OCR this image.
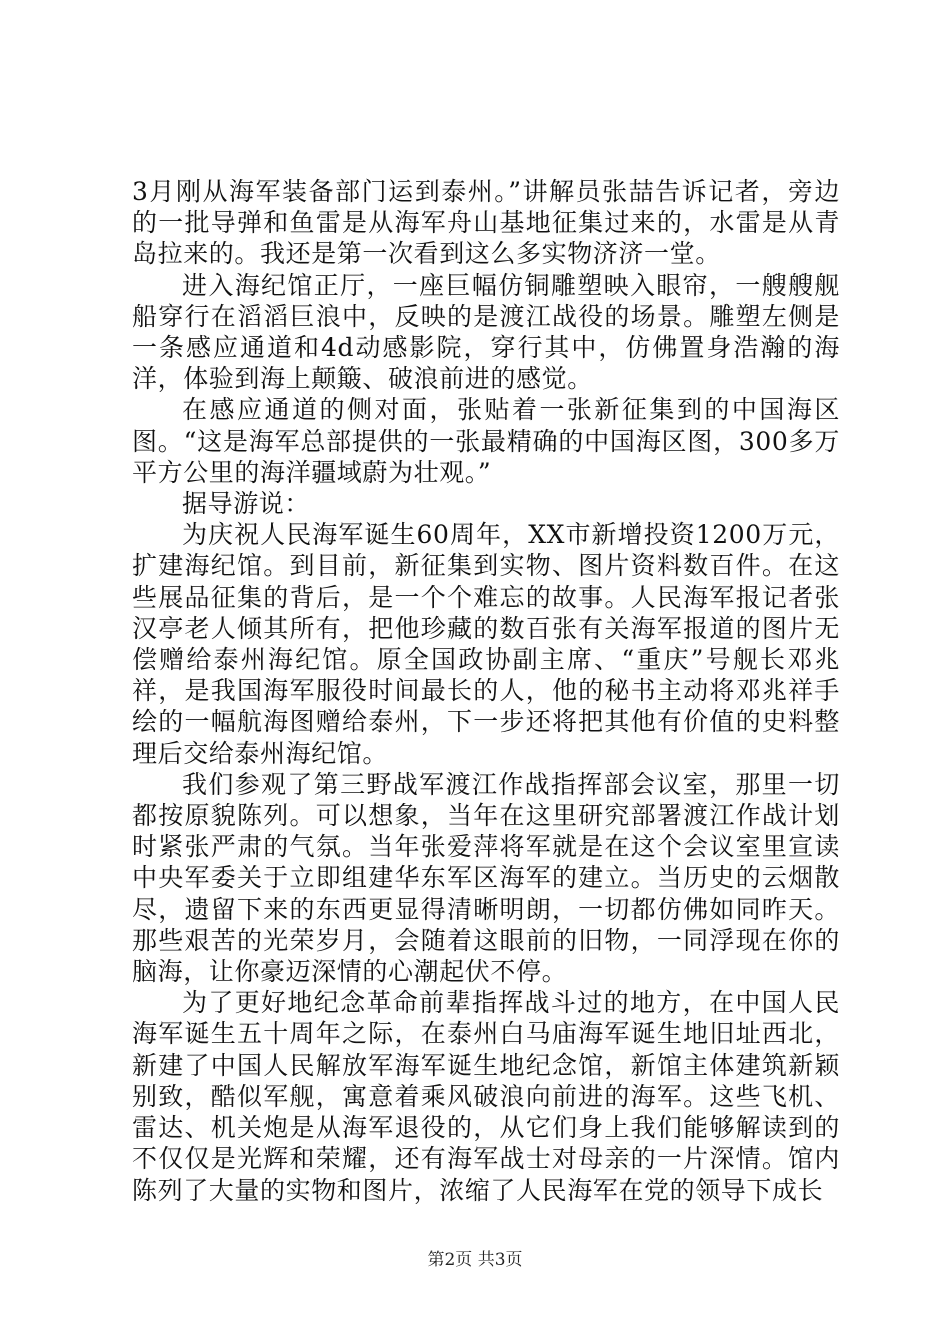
3月刚从海军装备部门运到泰州。”讲解员张喆告诉记者，旁边的一批导弹和鱼雷是从海军舟山基地征集过来的，水雷是从青岛拉来的。我还是第一次看到这么多实物济济一堂。

进入海纪馆正厅，一座巨幅仿铜雕塑映入眼帘，一艘艘舰船穿行在滔滔巨浪中，反映的是渡江战役的场景。雕塑左侧是一条感应通道和4d动感影院，穿行其中，仿佛置身浩瀚的海洋，体验到海上颠簸、破浪前进的感觉。

在感应通道的侧对面，张贴着一张新征集到的中国海区图。“这是海军总部提供的一张最精确的中国海区图，300多万平方公里的海洋疆域蔚为壮观。”

据导游说：

为庆祝人民海军诞生60周年，XX市新增投资1200万元，扩建海纪馆。到目前，新征集到实物、图片资料数百件。在这些展品征集的背后，是一个个难忘的故事。人民海军报记者张汉亭老人倾其所有，把他珍藏的数百张有关海军报道的图片无偿赠给泰州海纪馆。原全国政协副主席、“重庆”号舰长邓兆祥，是我国海军服役时间最长的人，他的秘书主动将邓兆祥手绘的一幅航海图赠给泰州，下一步还将把其他有价值的史料整理后交给泰州海纪馆。

我们参观了第三野战军渡江作战指挥部会议室，那里一切都按原貌陈列。可以想象，当年在这里研究部署渡江作战计划时紧张严肃的气氛。当年张爱萍将军就是在这个会议室里宣读中央军委关于立即组建华东军区海军的建立。当历史的云烟散尽，遗留下来的东西更显得清晰明朗，一切都仿佛如同昨天。那些艰苦的光荣岁月，会随着这眼前的旧物，一同浮现在你的脑海，让你豪迈深情的心潮起伏不停。

为了更好地纪念革命前辈指挥战斗过的地方，在中国人民海军诞生五十周年之际，在泰州白马庙海军诞生地旧址西北，新建了中国人民解放军海军诞生地纪念馆，新馆主体建筑新颖别致，酷似军舰，寓意着乘风破浪向前进的海军。这些飞机、雷达、机关炮是从海军退役的，从它们身上我们能够解读到的不仅仅是光辉和荣耀，还有海军战士对母亲的一片深情。馆内陈列了大量的实物和图片，浓缩了人民海军在党的领导下成长

第2页 共3页
